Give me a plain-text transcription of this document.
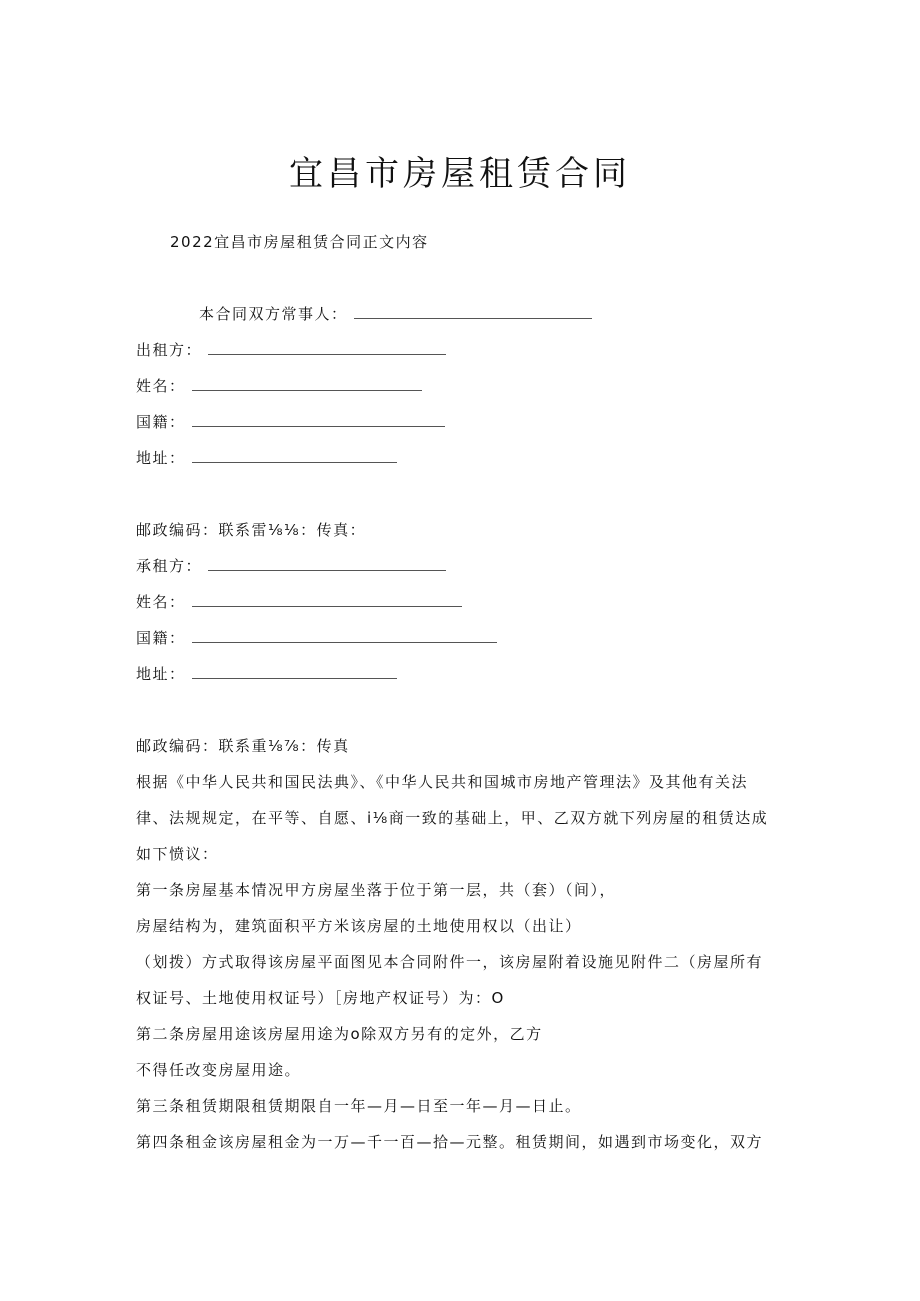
宜昌市房屋租赁合同
2022宜昌市房屋租赁合同正文内容
本合同双方常事人：
出租方：
姓名：
国籍：
地址：
邮政编码：联系雷⅛⅛：传真：
承租方：
姓名：
国籍：
地址：
邮政编码：联系重⅛⅞：传真
根据《中华人民共和国民法典》、《中华人民共和国城市房地产管理法》及其他有关法
律、法规规定，在平等、自愿、i⅛商一致的基础上，甲、乙双方就下列房屋的租赁达成
如下愤议：
第一条房屋基本情况甲方房屋坐落于位于第一层，共（套）（间），
房屋结构为，建筑面积平方米该房屋的土地使用权以（出让）
（划拨）方式取得该房屋平面图见本合同附件一，该房屋附着设施见附件二（房屋所有
权证号、土地使用权证号）［房地产权证号）为：O
第二条房屋用途该房屋用途为o除双方另有的定外，乙方
不得任改变房屋用途。
第三条租赁期限租赁期限自一年—月—日至一年—月—日止。
第四条租金该房屋租金为一万—千一百—拾—元整。租赁期间，如遇到市场变化，双方
